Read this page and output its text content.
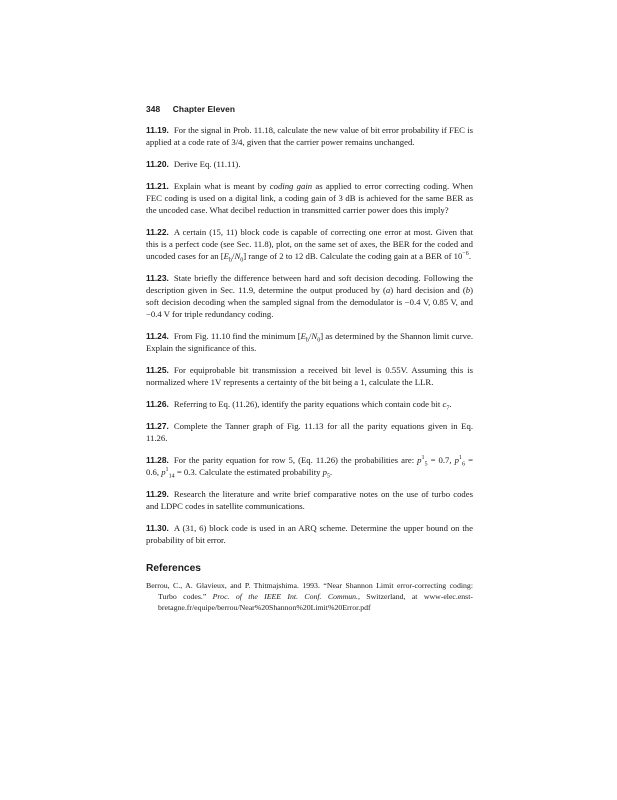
348 Chapter Eleven
11.19. For the signal in Prob. 11.18, calculate the new value of bit error probability if FEC is applied at a code rate of 3/4, given that the carrier power remains unchanged.
11.20. Derive Eq. (11.11).
11.21. Explain what is meant by coding gain as applied to error correcting coding. When FEC coding is used on a digital link, a coding gain of 3 dB is achieved for the same BER as the uncoded case. What decibel reduction in transmitted carrier power does this imply?
11.22. A certain (15, 11) block code is capable of correcting one error at most. Given that this is a perfect code (see Sec. 11.8), plot, on the same set of axes, the BER for the coded and uncoded cases for an $[E_b/N_0]$ range of 2 to 12 dB. Calculate the coding gain at a BER of $10^{-6}$.
11.23. State briefly the difference between hard and soft decision decoding. Following the description given in Sec. 11.9, determine the output produced by (a) hard decision and (b) soft decision decoding when the sampled signal from the demodulator is −0.4 V, 0.85 V, and −0.4 V for triple redundancy coding.
11.24. From Fig. 11.10 find the minimum $[E_b/N_0]$ as determined by the Shannon limit curve. Explain the significance of this.
11.25. For equiprobable bit transmission a received bit level is 0.55V. Assuming this is normalized where 1V represents a certainty of the bit being a 1, calculate the LLR.
11.26. Referring to Eq. (11.26), identify the parity equations which contain code bit $c_7$.
11.27. Complete the Tanner graph of Fig. 11.13 for all the parity equations given in Eq. 11.26.
11.28. For the parity equation for row 5, (Eq. 11.26) the probabilities are: $p^1_5 = 0.7$, $p^1_6 = 0.6$, $p^1_{14} = 0.3$. Calculate the estimated probability $p_5$.
11.29. Research the literature and write brief comparative notes on the use of turbo codes and LDPC codes in satellite communications.
11.30. A (31, 6) block code is used in an ARQ scheme. Determine the upper bound on the probability of bit error.
References
Berrou, C., A. Glavieux, and P. Thitmajshima. 1993. “Near Shannon Limit error-correcting coding: Turbo codes.” Proc. of the IEEE Int. Conf. Commun., Switzerland, at www-elec.enst-bretagne.fr/equipe/berrou/Near%20Shannon%20Limit%20Error.pdf
